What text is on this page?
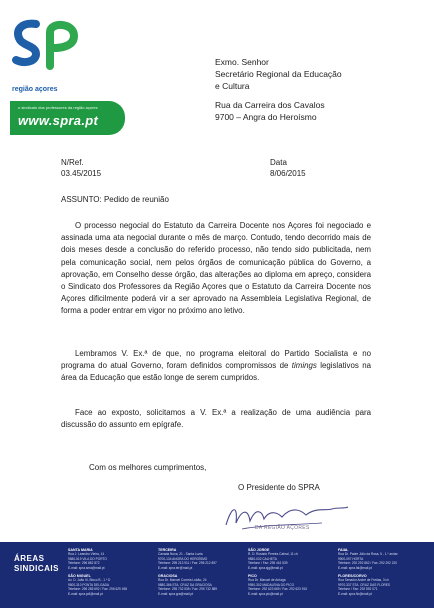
região açores
o sindicato dos professores da região açores
www.spra.pt
Exmo. Senhor
Secretário Regional da Educação
e Cultura
Rua da Carreira dos Cavalos
9700 – Angra do Heroísmo
N/Ref.
03.45/2015
Data
8/06/2015
ASSUNTO: Pedido de reunião
O processo negocial do Estatuto da Carreira Docente nos Açores foi negociado e assinada uma ata negocial durante o mês de março. Contudo, tendo decorrido mais de dois meses desde a conclusão do referido processo, não tendo sido publicitada, nem pela comunicação social, nem pelos órgãos de comunicação pública do Governo, a aprovação, em Conselho desse órgão, das alterações ao diploma em apreço, considera o Sindicato dos Professores da Região Açores que o Estatuto da Carreira Docente nos Açores dificilmente poderá vir a ser aprovado na Assembleia Legislativa Regional, de forma a poder entrar em vigor no próximo ano letivo.
Lembramos V. Ex.ª de que, no programa eleitoral do Partido Socialista e no programa do atual Governo, foram definidos compromissos de timings legislativos na área da Educação que estão longe de serem cumpridos.
Face ao exposto, solicitamos a V. Ex.ª a realização de uma audiência para discussão do assunto em epígrafe.
Com os melhores cumprimentos,
O Presidente do SPRA
DA REGIÃO AÇORES
ÁREAS
SINDICAIS
SANTA MARIA
Rua J. Leandro Vieira, 14
9580-519 VILA DO PORTO
Telefone: 296 882 872
E-mail: spra.sma@mail.pt
SÃO MIGUEL
Av. D. João III, Bloco B - 1.º D
9500-310 PONTA DELGADA
Telefone: 296 285 692 / Fax: 296 629 498
E-mail: spra.pdl@mail.pt
TERCEIRA
Canada Nova, 21 - Santa Luzia
9700-134 ANGRA DO HEROÍSMO
Telefone: 295 213 911 / Fax: 295 212 897
E-mail: spra.ter@mail.pt
GRACIOSA
Rua Dr. Manuel Correia Lobão, 24
9880-366 STA. CRUZ DA GRACIOSA
Telefone: 295 732 535 / Fax: 295 732 889
E-mail: spra.gra@mail.pt
SÃO JORGE
R. D. Rosário Pereira Cabral, 11 r/c
9850-032 CALHETA
Telefone / Fax: 295 416 539
E-mail: spra.sjg@mail.pt
PICO
Rua Dr. Manuel de Arriaga
9950-302 MADALENA DO PICO
Telefone: 292 623 669 / Fax: 292 623 915
E-mail: spra.pic@mail.pt
FAIAL
Rua Dr. Padre Júlio da Rosa, 5 - 1.º andar
9900-097 HORTA
Telefone: 292 292 862 / Fax: 292 292 220
E-mail: spra.fai@mail.pt
FLORES/CORVO
Rua Senador André de Freitas, 3 r/c
9970-337 STA. CRUZ DAS FLORES
Telefone / Fax: 292 592 071
E-mail: spra.flo@mail.pt
